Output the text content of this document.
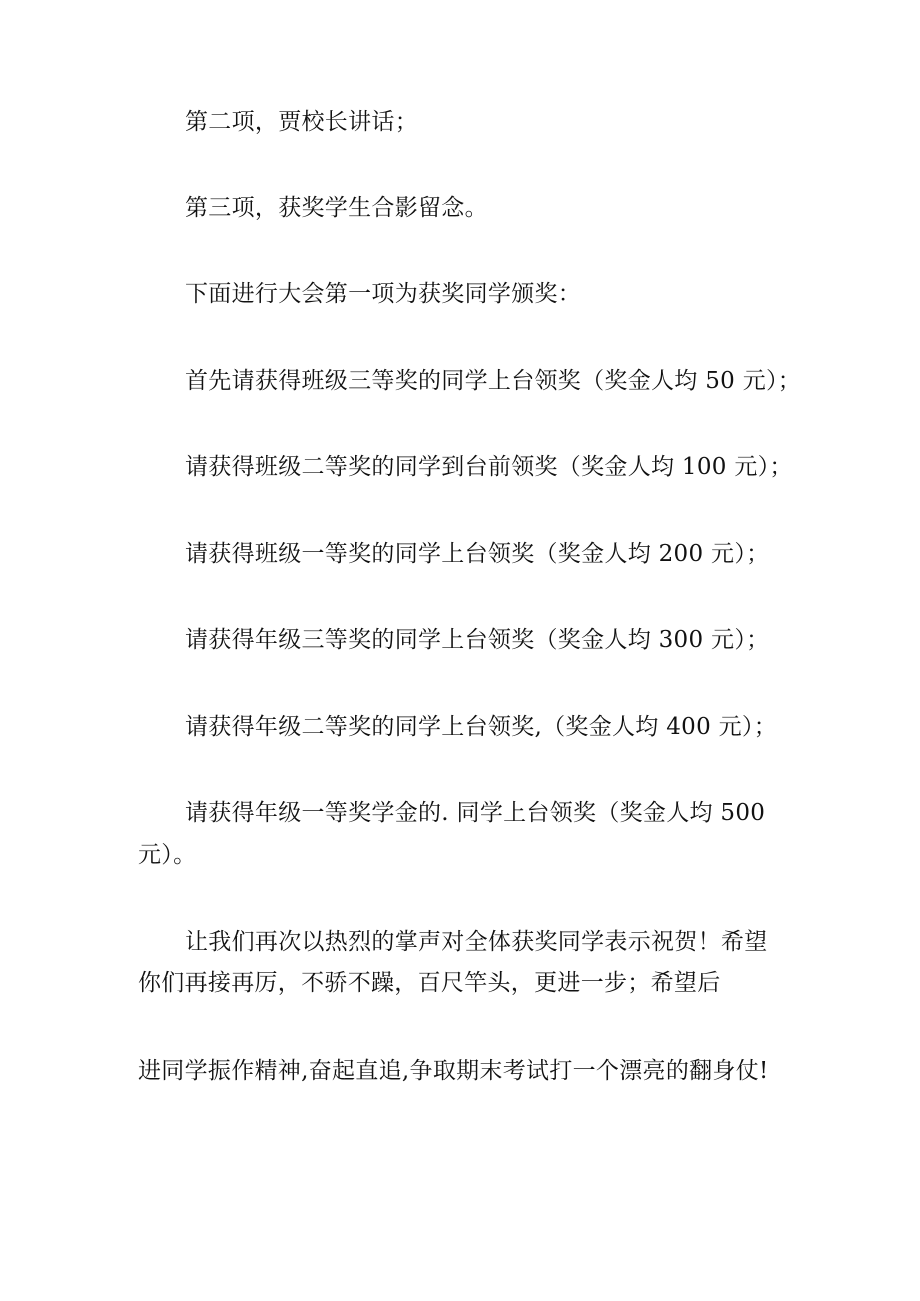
第二项，贾校长讲话；

第三项，获奖学生合影留念。

下面进行大会第一项为获奖同学颁奖：

首先请获得班级三等奖的同学上台领奖（奖金人均 50 元）；

请获得班级二等奖的同学到台前领奖（奖金人均 100 元）；

请获得班级一等奖的同学上台领奖（奖金人均 200 元）；

请获得年级三等奖的同学上台领奖（奖金人均 300 元）；

请获得年级二等奖的同学上台领奖,（奖金人均 400 元）；

请获得年级一等奖学金的. 同学上台领奖（奖金人均 500

元）。

让我们再次以热烈的掌声对全体获奖同学表示祝贺！希望

你们再接再厉，不骄不躁，百尺竿头，更进一步；希望后

进同学振作精神,奋起直追,争取期末考试打一个漂亮的翻身仗!
